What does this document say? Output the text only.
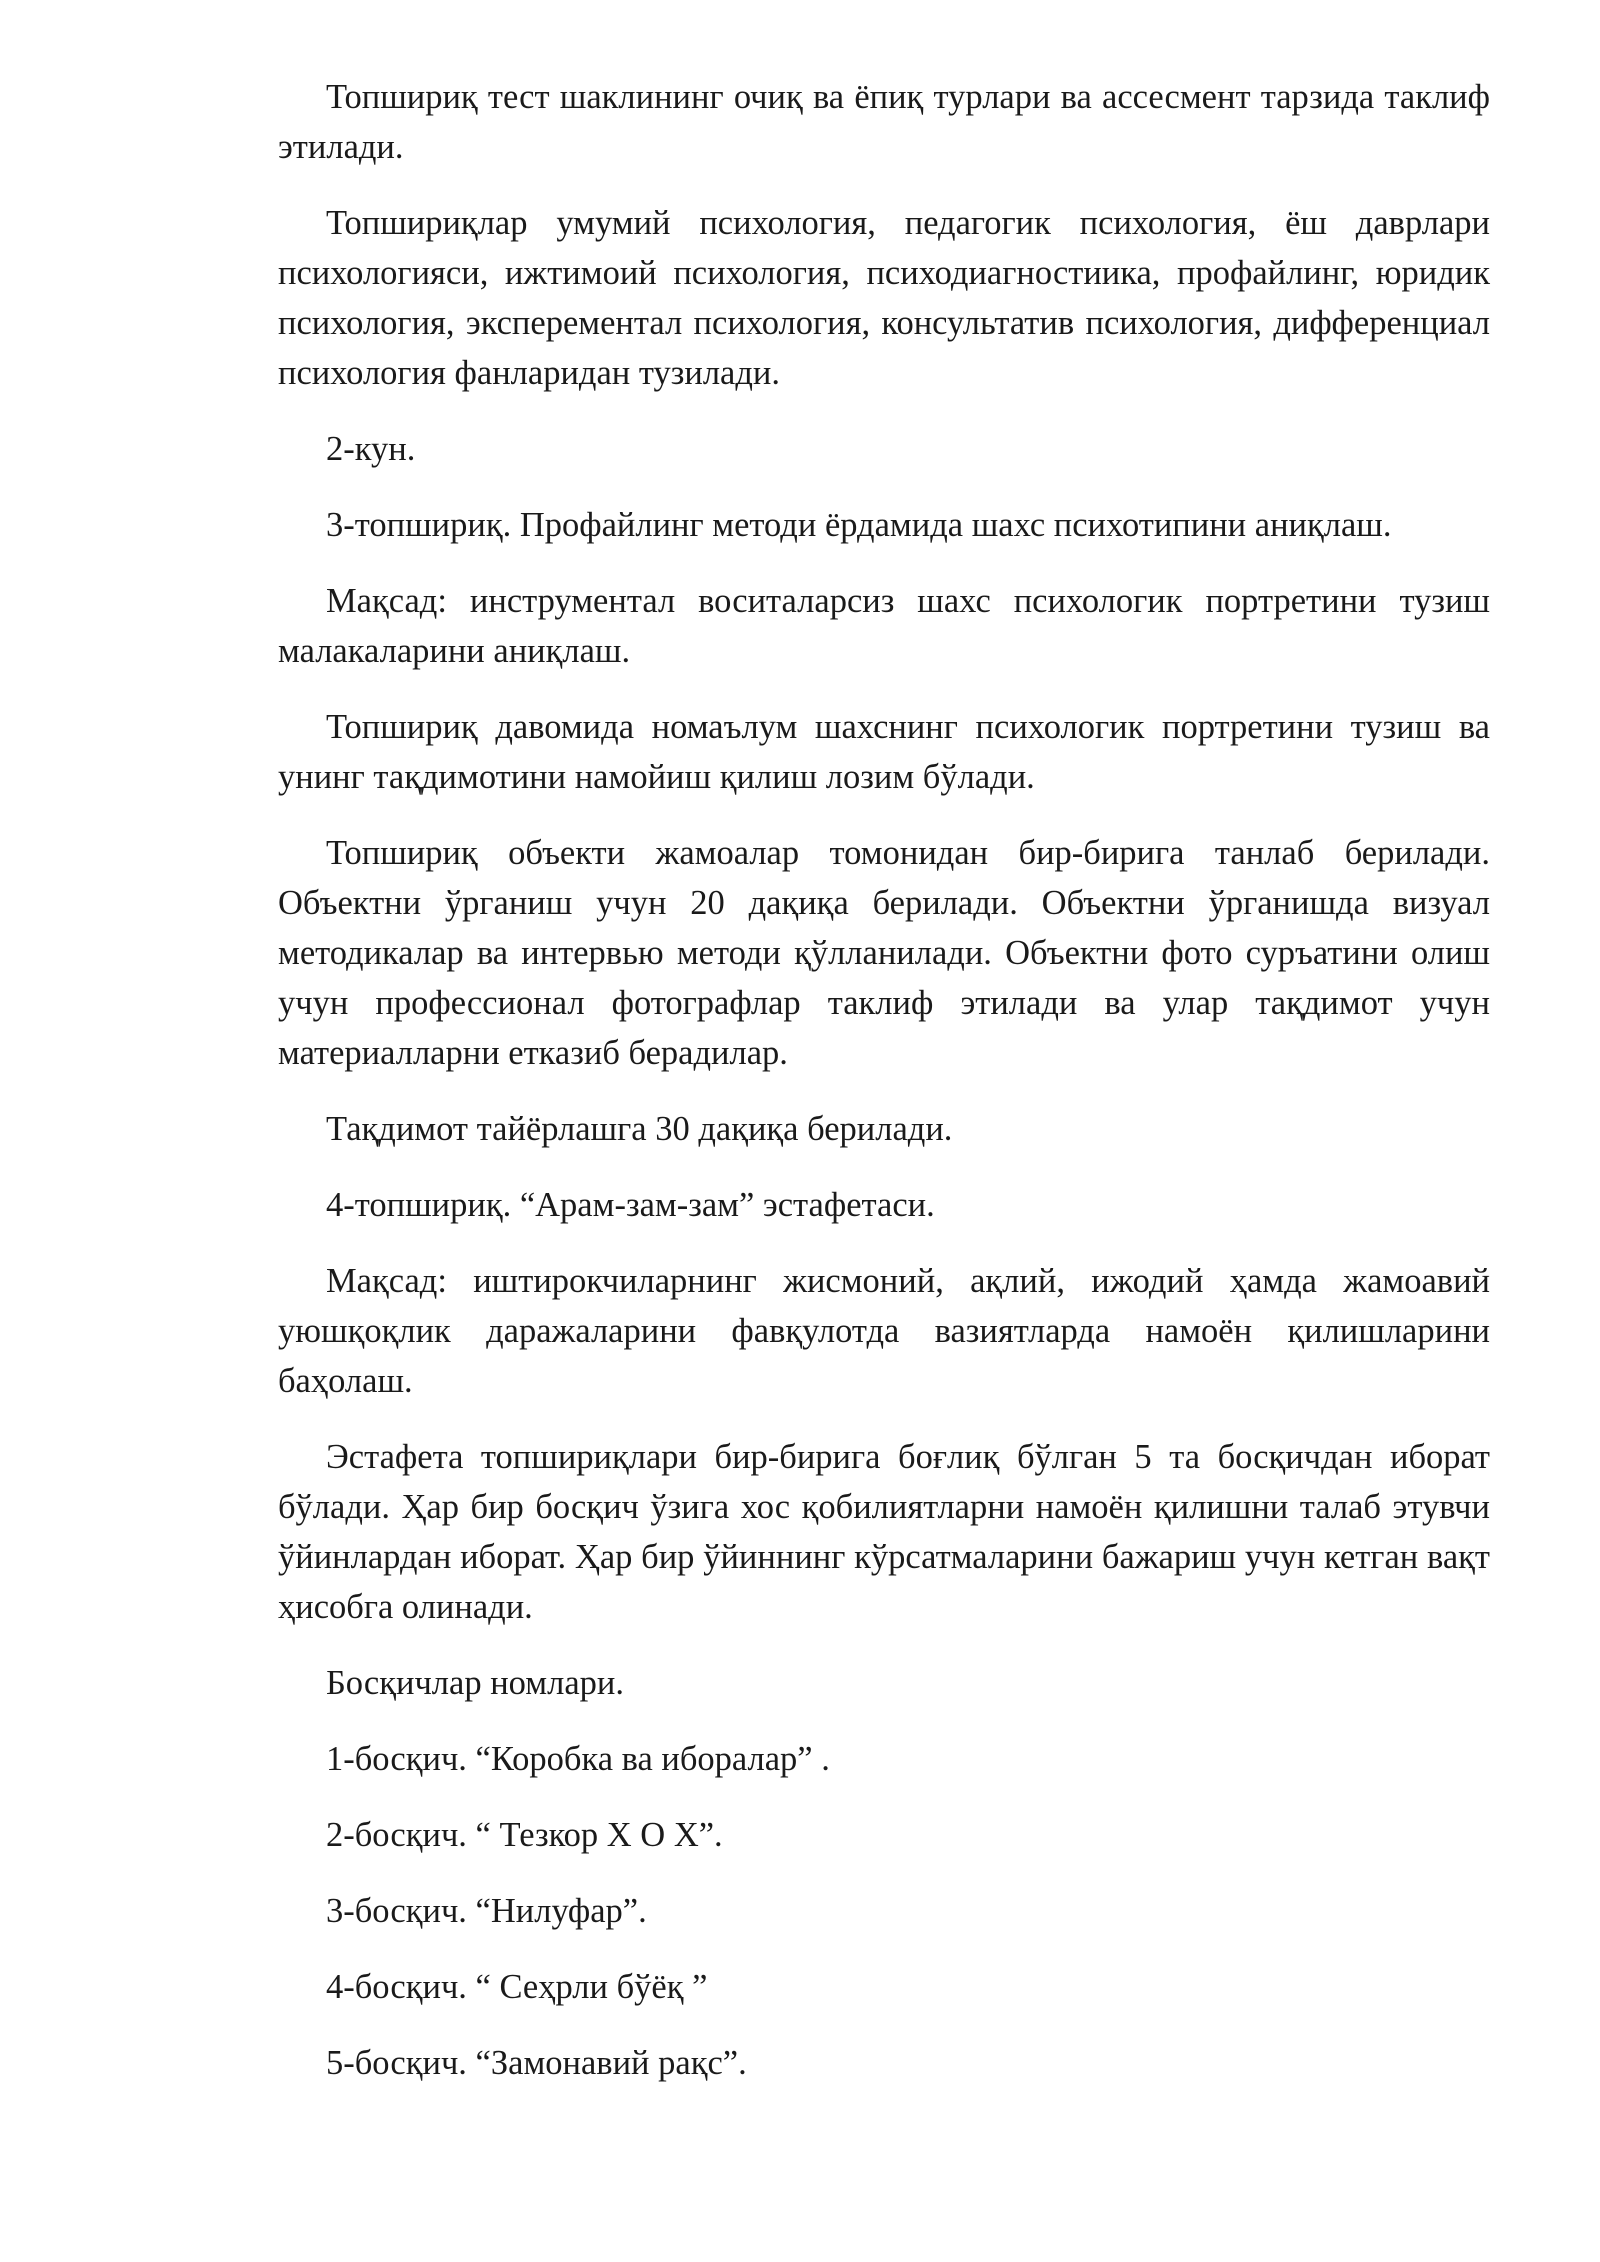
Топшириқ тест шаклининг очиқ ва ёпиқ турлари ва ассесмент тарзида таклиф этилади.

Топшириқлар умумий психология, педагогик психология, ёш даврлари психологияси, ижтимоий психология, психодиагностиика, профайлинг, юридик психология, эксперементал психология, консультатив психология, дифференциал психология фанларидан тузилади.

2-кун.

3-топшириқ. Профайлинг методи ёрдамида шахс психотипини аниқлаш.

Мақсад: инструментал воситаларсиз шахс психологик портретини тузиш малакаларини аниқлаш.

Топшириқ давомида номаълум шахснинг психологик портретини тузиш ва унинг тақдимотини намойиш қилиш лозим бўлади.

Топшириқ объекти жамоалар томонидан бир-бирига танлаб берилади. Объектни ўрганиш учун 20 дақиқа берилади. Объектни ўрганишда визуал методикалар ва интервью методи қўлланилади. Объектни фото суръатини олиш учун профессионал фотографлар таклиф этилади ва улар тақдимот учун материалларни етказиб берадилар.

Тақдимот тайёрлашга 30 дақиқа берилади.

4-топшириқ. “Арам-зам-зам” эстафетаси.

Мақсад: иштирокчиларнинг жисмоний, ақлий, ижодий ҳамда жамоавий уюшқоқлик даражаларини фавқулотда вазиятларда намоён қилишларини баҳолаш.

Эстафета топшириқлари бир-бирига боғлиқ бўлган 5 та босқичдан иборат бўлади. Ҳар бир босқич ўзига хос қобилиятларни намоён қилишни талаб этувчи ўйинлардан иборат. Ҳар бир ўйиннинг кўрсатмаларини бажариш учун кетган вақт ҳисобга олинади.

Босқичлар номлари.

1-босқич. “Коробка ва иборалар” .

2-босқич. “ Тезкор Х О Х”.

3-босқич. “Нилуфар”.

4-босқич. “ Сеҳрли бўёқ ”

5-босқич. “Замонавий рақс”.
